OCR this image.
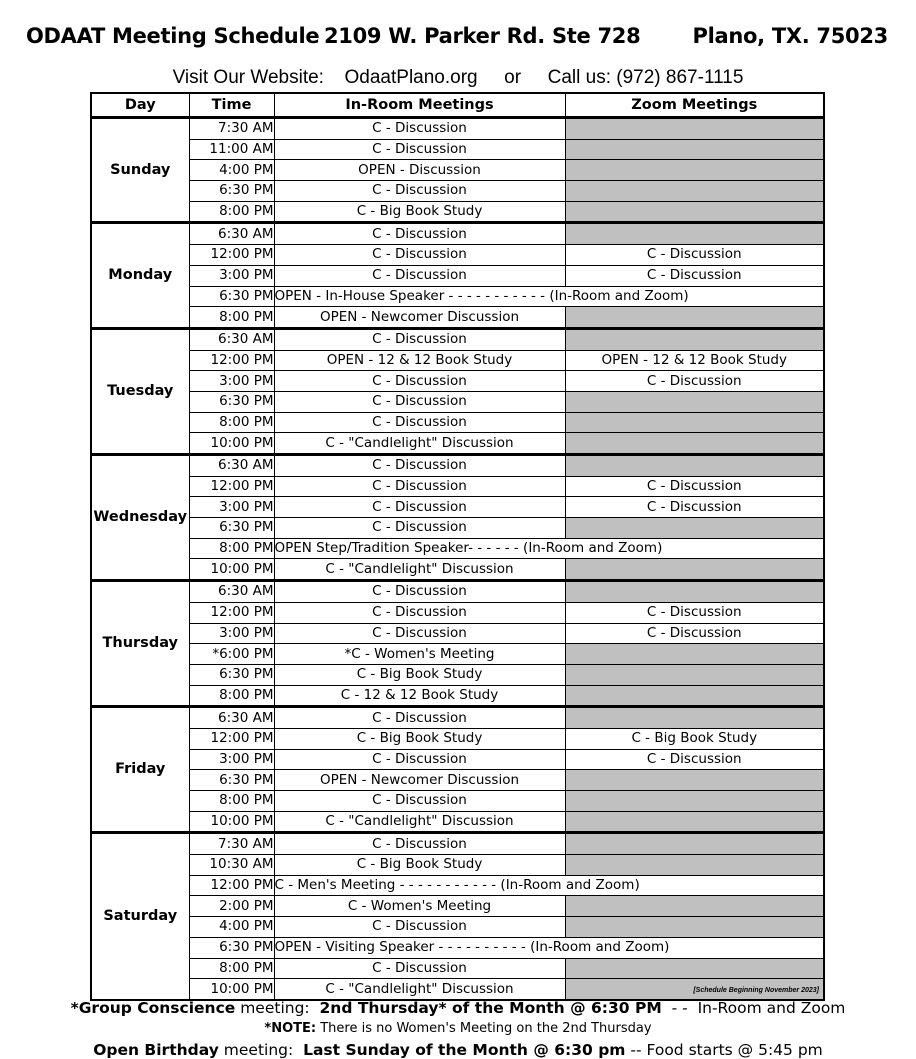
ODAAT Meeting Schedule 2109 W. Parker Rd. Ste 728 Plano, TX. 75023
Visit Our Website: OdaatPlano.org or Call us: (972) 867-1115
Day	Time	In-Room Meetings	Zoom Meetings
Sunday	7:30 AM	C - Discussion	
	11:00 AM	C - Discussion	
	4:00 PM	OPEN - Discussion	
	6:30 PM	C - Discussion	
	8:00 PM	C - Big Book Study	
Monday	6:30 AM	C - Discussion	
	12:00 PM	C - Discussion	C - Discussion
	3:00 PM	C - Discussion	C - Discussion
	6:30 PM	OPEN - In-House Speaker - - - - - - - - - - - (In-Room and Zoom)	
	8:00 PM	OPEN - Newcomer Discussion	
Tuesday	6:30 AM	C - Discussion	
	12:00 PM	OPEN - 12 & 12 Book Study	OPEN - 12 & 12 Book Study
	3:00 PM	C - Discussion	C - Discussion
	6:30 PM	C - Discussion	
	8:00 PM	C - Discussion	
	10:00 PM	C - "Candlelight" Discussion	
Wednesday	6:30 AM	C - Discussion	
	12:00 PM	C - Discussion	C - Discussion
	3:00 PM	C - Discussion	C - Discussion
	6:30 PM	C - Discussion	
	8:00 PM	OPEN Step/Tradition Speaker- - - - - - (In-Room and Zoom)	
	10:00 PM	C - "Candlelight" Discussion	
Thursday	6:30 AM	C - Discussion	
	12:00 PM	C - Discussion	C - Discussion
	3:00 PM	C - Discussion	C - Discussion
	*6:00 PM	*C - Women's Meeting	
	6:30 PM	C - Big Book Study	
	8:00 PM	C - 12 & 12 Book Study	
Friday	6:30 AM	C - Discussion	
	12:00 PM	C - Big Book Study	C - Big Book Study
	3:00 PM	C - Discussion	C - Discussion
	6:30 PM	OPEN - Newcomer Discussion	
	8:00 PM	C - Discussion	
	10:00 PM	C - "Candlelight" Discussion	
Saturday	7:30 AM	C - Discussion	
	10:30 AM	C - Big Book Study	
	12:00 PM	C - Men's Meeting - - - - - - - - - - - (In-Room and Zoom)	
	2:00 PM	C - Women's Meeting	
	4:00 PM	C - Discussion	
	6:30 PM	OPEN - Visiting Speaker - - - - - - - - - - (In-Room and Zoom)	
	8:00 PM	C - Discussion	
	10:00 PM	C - "Candlelight" Discussion		[Schedule Beginning November 2023]
*Group Conscience meeting:  2nd Thursday* of the Month @ 6:30 PM  - -  In-Room and Zoom
*NOTE: There is no Women's Meeting on the 2nd Thursday
Open Birthday meeting:  Last Sunday of the Month @ 6:30 pm -- Food starts @ 5:45 pm
